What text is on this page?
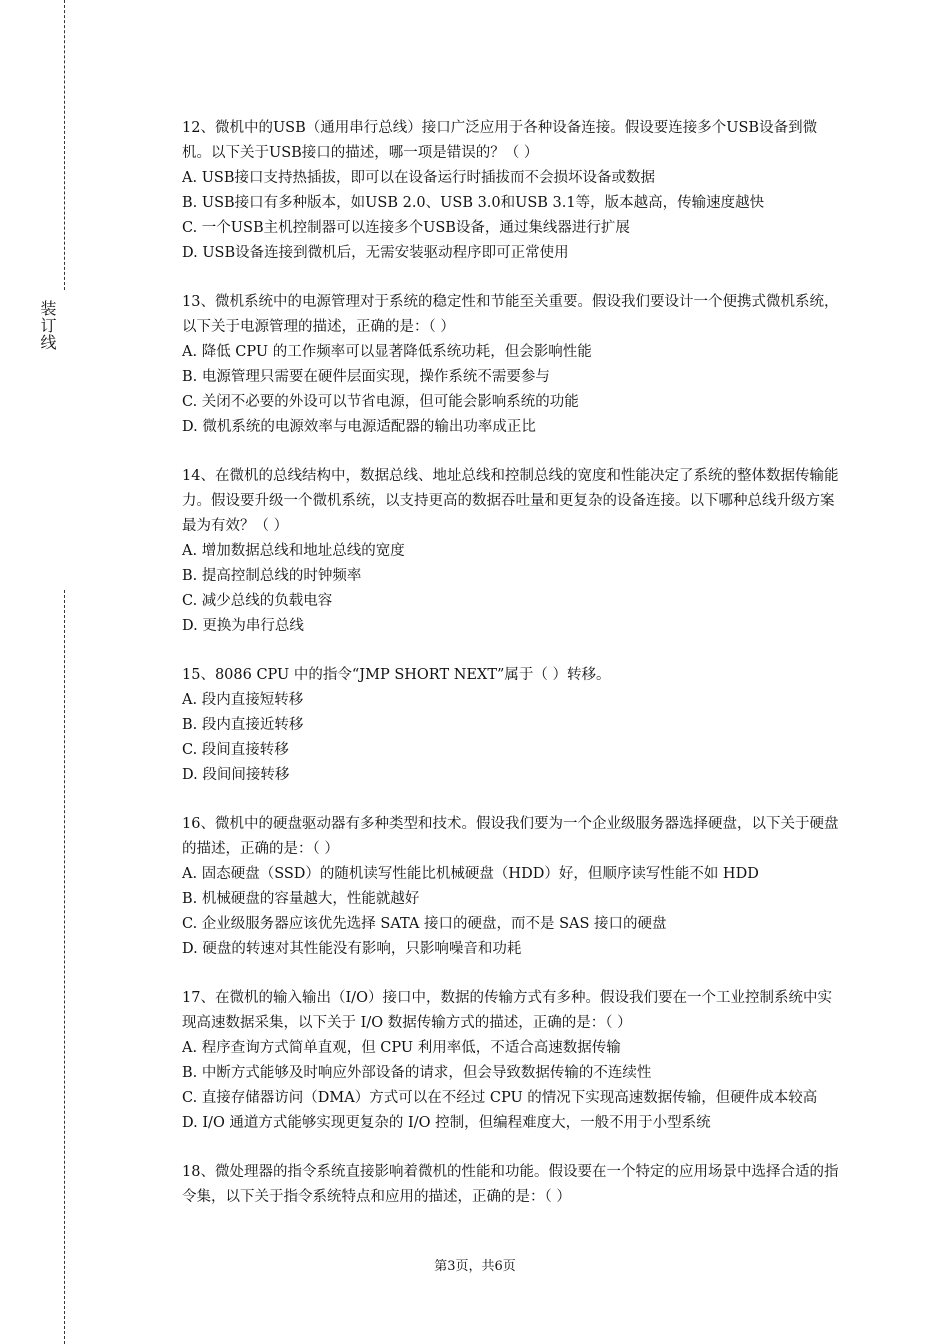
装订线

12、微机中的USB（通用串行总线）接口广泛应用于各种设备连接。假设要连接多个USB设备到微机。以下关于USB接口的描述，哪一项是错误的？（ ）

A. USB接口支持热插拔，即可以在设备运行时插拔而不会损坏设备或数据

B. USB接口有多种版本，如USB 2.0、USB 3.0和USB 3.1等，版本越高，传输速度越快

C. 一个USB主机控制器可以连接多个USB设备，通过集线器进行扩展

D. USB设备连接到微机后，无需安装驱动程序即可正常使用

13、微机系统中的电源管理对于系统的稳定性和节能至关重要。假设我们要设计一个便携式微机系统，以下关于电源管理的描述，正确的是：（ ）

A. 降低 CPU 的工作频率可以显著降低系统功耗，但会影响性能

B. 电源管理只需要在硬件层面实现，操作系统不需要参与

C. 关闭不必要的外设可以节省电源，但可能会影响系统的功能

D. 微机系统的电源效率与电源适配器的输出功率成正比

14、在微机的总线结构中，数据总线、地址总线和控制总线的宽度和性能决定了系统的整体数据传输能力。假设要升级一个微机系统，以支持更高的数据吞吐量和更复杂的设备连接。以下哪种总线升级方案最为有效？（ ）

A. 增加数据总线和地址总线的宽度

B. 提高控制总线的时钟频率

C. 减少总线的负载电容

D. 更换为串行总线

15、8086 CPU 中的指令“JMP SHORT NEXT”属于（ ）转移。

A. 段内直接短转移

B. 段内直接近转移

C. 段间直接转移

D. 段间间接转移

16、微机中的硬盘驱动器有多种类型和技术。假设我们要为一个企业级服务器选择硬盘，以下关于硬盘的描述，正确的是：（ ）

A. 固态硬盘（SSD）的随机读写性能比机械硬盘（HDD）好，但顺序读写性能不如 HDD

B. 机械硬盘的容量越大，性能就越好

C. 企业级服务器应该优先选择 SATA 接口的硬盘，而不是 SAS 接口的硬盘

D. 硬盘的转速对其性能没有影响，只影响噪音和功耗

17、在微机的输入输出（I/O）接口中，数据的传输方式有多种。假设我们要在一个工业控制系统中实现高速数据采集，以下关于 I/O 数据传输方式的描述，正确的是：（ ）

A. 程序查询方式简单直观，但 CPU 利用率低，不适合高速数据传输

B. 中断方式能够及时响应外部设备的请求，但会导致数据传输的不连续性

C. 直接存储器访问（DMA）方式可以在不经过 CPU 的情况下实现高速数据传输，但硬件成本较高

D. I/O 通道方式能够实现更复杂的 I/O 控制，但编程难度大，一般不用于小型系统

18、微处理器的指令系统直接影响着微机的性能和功能。假设要在一个特定的应用场景中选择合适的指令集，以下关于指令系统特点和应用的描述，正确的是：（ ）

第3页，共6页
